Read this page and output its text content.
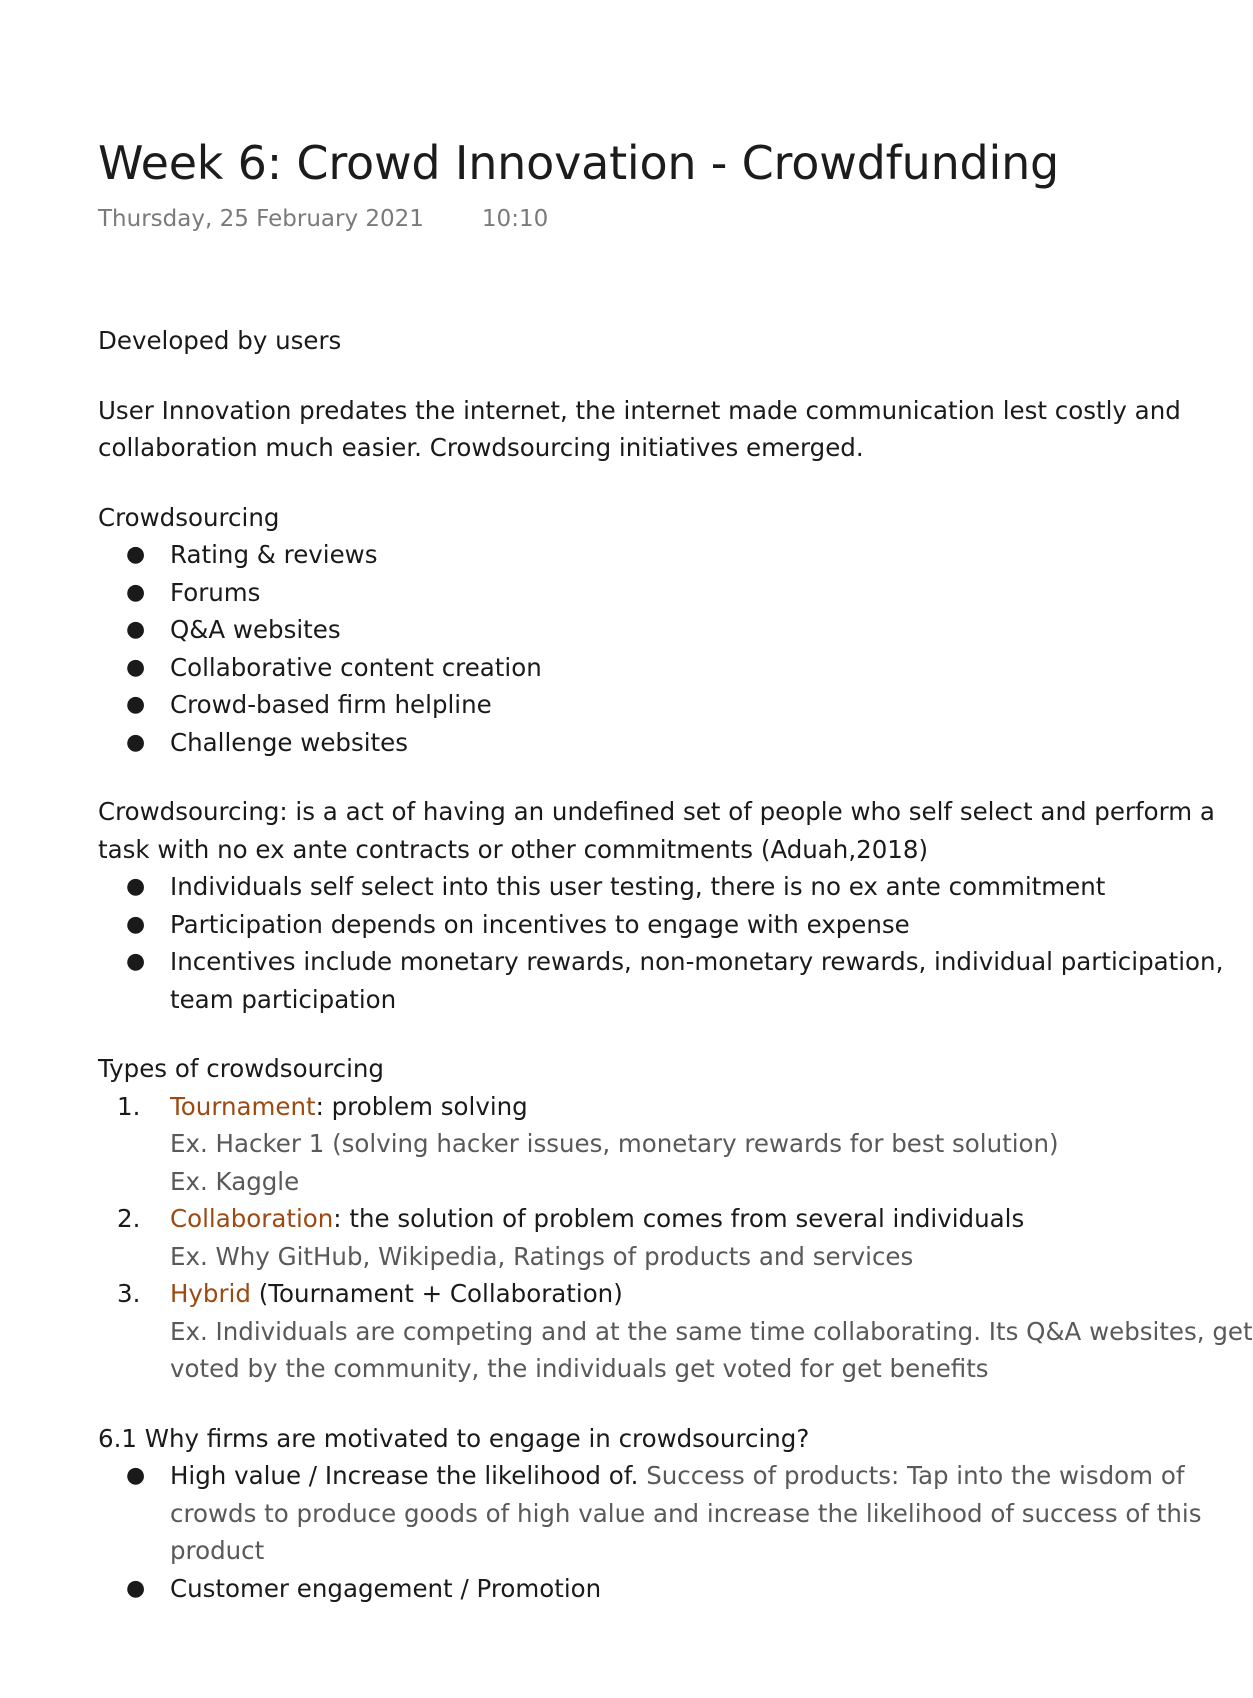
Week 6: Crowd Innovation - Crowdfunding
Thursday, 25 February 2021	10:10

Developed by users

User Innovation predates the internet, the internet made communication lest costly and

collaboration much easier. Crowdsourcing initiatives emerged.

Crowdsourcing

● Rating & reviews
● Forums
● Q&A websites
● Collaborative content creation
● Crowd-based firm helpline
● Challenge websites

Crowdsourcing: is a act of having an undefined set of people who self select and perform a

task with no ex ante contracts or other commitments (Aduah,2018)

● Individuals self select into this user testing, there is no ex ante commitment
● Participation depends on incentives to engage with expense
● Incentives include monetary rewards, non-monetary rewards, individual participation,
team participation

Types of crowdsourcing

1. Tournament: problem solving
Ex. Hacker 1 (solving hacker issues, monetary rewards for best solution)
Ex. Kaggle
2. Collaboration: the solution of problem comes from several individuals
Ex. Why GitHub, Wikipedia, Ratings of products and services
3. Hybrid (Tournament + Collaboration)
Ex. Individuals are competing and at the same time collaborating. Its Q&A websites, get
voted by the community, the individuals get voted for get benefits

6.1 Why firms are motivated to engage in crowdsourcing?

● High value / Increase the likelihood of. Success of products: Tap into the wisdom of
crowds to produce goods of high value and increase the likelihood of success of this
product
● Customer engagement / Promotion
